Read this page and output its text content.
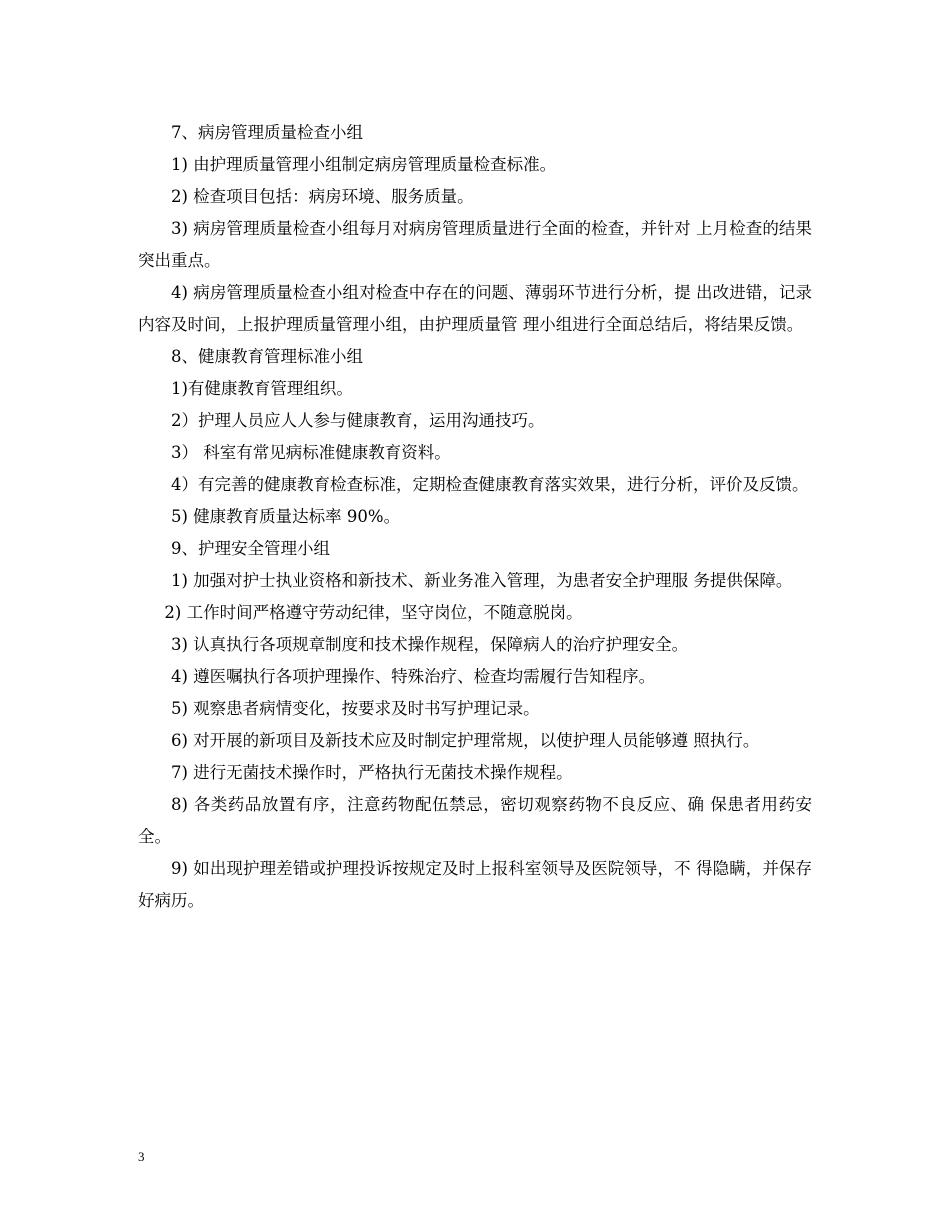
7、病房管理质量检查小组

1) 由护理质量管理小组制定病房管理质量检查标准。

2) 检查项目包括：病房环境、服务质量。

3) 病房管理质量检查小组每月对病房管理质量进行全面的检查，并针对 上月检查的结果突出重点。

4) 病房管理质量检查小组对检查中存在的问题、薄弱环节进行分析，提 出改进错，记录内容及时间，上报护理质量管理小组，由护理质量管 理小组进行全面总结后，将结果反馈。

8、健康教育管理标准小组

1)有健康教育管理组织。

2）护理人员应人人参与健康教育，运用沟通技巧。

3） 科室有常见病标准健康教育资料。

4）有完善的健康教育检查标准，定期检查健康教育落实效果，进行分析，评价及反馈。

5) 健康教育质量达标率 90%。

9、护理安全管理小组

1) 加强对护士执业资格和新技术、新业务准入管理，为患者安全护理服 务提供保障。

2) 工作时间严格遵守劳动纪律，坚守岗位，不随意脱岗。

3) 认真执行各项规章制度和技术操作规程，保障病人的治疗护理安全。

4) 遵医嘱执行各项护理操作、特殊治疗、检查均需履行告知程序。

5) 观察患者病情变化，按要求及时书写护理记录。

6) 对开展的新项目及新技术应及时制定护理常规，以使护理人员能够遵 照执行。

7) 进行无菌技术操作时，严格执行无菌技术操作规程。

8) 各类药品放置有序，注意药物配伍禁忌，密切观察药物不良反应、确 保患者用药安全。

9) 如出现护理差错或护理投诉按规定及时上报科室领导及医院领导，不 得隐瞒，并保存好病历。

3
